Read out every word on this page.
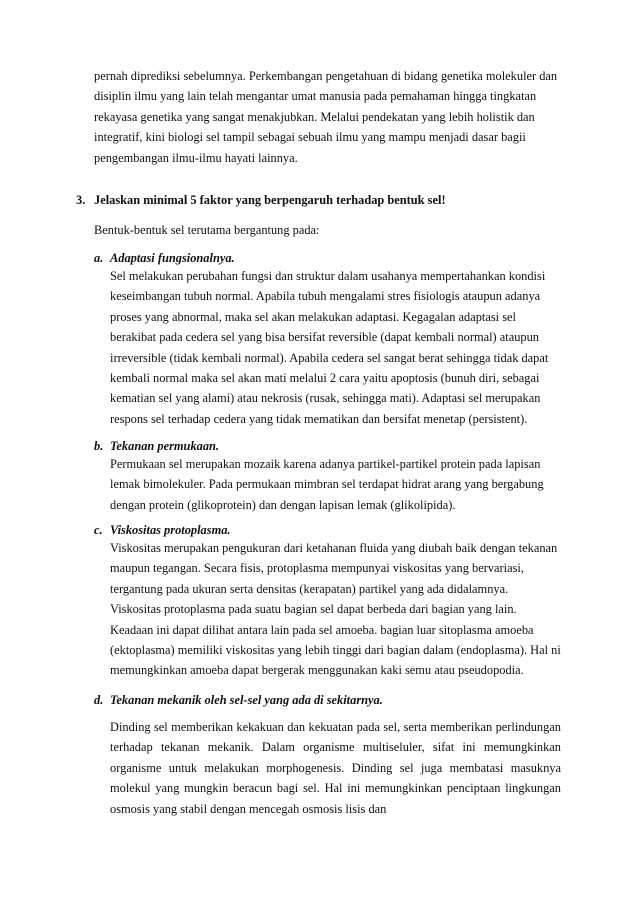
pernah diprediksi sebelumnya. Perkembangan pengetahuan di bidang genetika molekuler dan disiplin ilmu yang lain telah mengantar umat manusia pada pemahaman hingga tingkatan rekayasa genetika yang sangat menakjubkan. Melalui pendekatan yang lebih holistik dan integratif, kini biologi sel tampil sebagai sebuah ilmu yang mampu menjadi dasar bagii pengembangan ilmu-ilmu hayati lainnya.

3. Jelaskan minimal 5 faktor yang berpengaruh terhadap bentuk sel!
Bentuk-bentuk sel terutama bergantung pada:
a. Adaptasi fungsionalnya.

Sel melakukan perubahan fungsi dan struktur dalam usahanya mempertahankan kondisi keseimbangan tubuh normal. Apabila tubuh mengalami stres fisiologis ataupun adanya proses yang abnormal, maka sel akan melakukan adaptasi. Kegagalan adaptasi sel berakibat pada cedera sel yang bisa bersifat reversible (dapat kembali normal) ataupun irreversible (tidak kembali normal). Apabila cedera sel sangat berat sehingga tidak dapat kembali normal maka sel akan mati melalui 2 cara yaitu apoptosis (bunuh diri, sebagai kematian sel yang alami) atau nekrosis (rusak, sehingga mati). Adaptasi sel merupakan respons sel terhadap cedera yang tidak mematikan dan bersifat menetap (persistent).

b. Tekanan permukaan.

Permukaan sel merupakan mozaik karena adanya partikel-partikel protein pada lapisan lemak bimolekuler. Pada permukaan mimbran sel terdapat hidrat arang yang bergabung dengan protein (glikoprotein) dan dengan lapisan lemak (glikolipida).

c. Viskositas protoplasma.

Viskositas merupakan pengukuran dari ketahanan fluida yang diubah baik dengan tekanan maupun tegangan. Secara fisis, protoplasma mempunyai viskositas yang bervariasi, tergantung pada ukuran serta densitas (kerapatan) partikel yang ada didalamnya. Viskositas protoplasma pada suatu bagian sel dapat berbeda dari bagian yang lain. Keadaan ini dapat dilihat antara lain pada sel amoeba. bagian luar sitoplasma amoeba (ektoplasma) memiliki viskositas yang lebih tinggi dari bagian dalam (endoplasma). Hal ni memungkinkan amoeba dapat bergerak menggunakan kaki semu atau pseudopodia.

d. Tekanan mekanik oleh sel-sel yang ada di sekitarnya.

Dinding sel memberikan kekakuan dan kekuatan pada sel, serta memberikan perlindungan terhadap tekanan mekanik. Dalam organisme multiseluler, sifat ini memungkinkan organisme untuk melakukan morphogenesis. Dinding sel juga membatasi masuknya molekul yang mungkin beracun bagi sel. Hal ini memungkinkan penciptaan lingkungan osmosis yang stabil dengan mencegah osmosis lisis dan
